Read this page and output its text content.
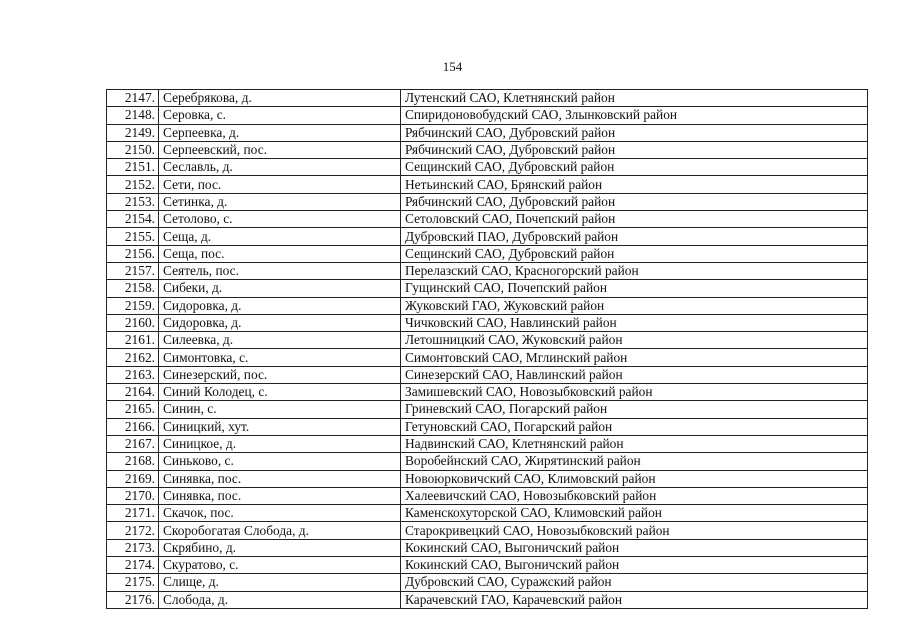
154
2147.	Серебрякова, д.	Лутенский САО, Клетнянский район
2148.	Серовка, с.	Спиридоновобудский САО, Злынковский район
2149.	Серпеевка, д.	Рябчинский САО, Дубровский район
2150.	Серпеевский, пос.	Рябчинский САО, Дубровский район
2151.	Сеславль, д.	Сещинский САО, Дубровский район
2152.	Сети, пос.	Нетьинский САО, Брянский район
2153.	Сетинка, д.	Рябчинский САО, Дубровский район
2154.	Сетолово, с.	Сетоловский САО, Почепский район
2155.	Сеща, д.	Дубровский ПАО, Дубровский район
2156.	Сеща, пос.	Сещинский САО, Дубровский район
2157.	Сеятель, пос.	Перелазский САО, Красногорский район
2158.	Сибеки, д.	Гущинский САО, Почепский район
2159.	Сидоровка, д.	Жуковский ГАО, Жуковский район
2160.	Сидоровка, д.	Чичковский САО, Навлинский район
2161.	Силеевка, д.	Летошницкий САО, Жуковский район
2162.	Симонтовка, с.	Симонтовский САО, Мглинский район
2163.	Синезерский, пос.	Синезерский САО, Навлинский район
2164.	Синий Колодец, с.	Замишевский САО, Новозыбковский район
2165.	Синин, с.	Гриневский САО, Погарский район
2166.	Синицкий, хут.	Гетуновский САО, Погарский район
2167.	Синицкое, д.	Надвинский САО, Клетнянский район
2168.	Синьково, с.	Воробейнский САО, Жирятинский район
2169.	Синявка, пос.	Новоюрковичский САО, Климовский район
2170.	Синявка, пос.	Халеевичский САО, Новозыбковский район
2171.	Скачок, пос.	Каменскохуторской САО, Климовский район
2172.	Скоробогатая Слобода, д.	Старокривецкий САО, Новозыбковский район
2173.	Скрябино, д.	Кокинский САО, Выгоничский район
2174.	Скуратово, с.	Кокинский САО, Выгоничский район
2175.	Слище, д.	Дубровский САО, Суражский район
2176.	Слобода, д.	Карачевский ГАО, Карачевский район
